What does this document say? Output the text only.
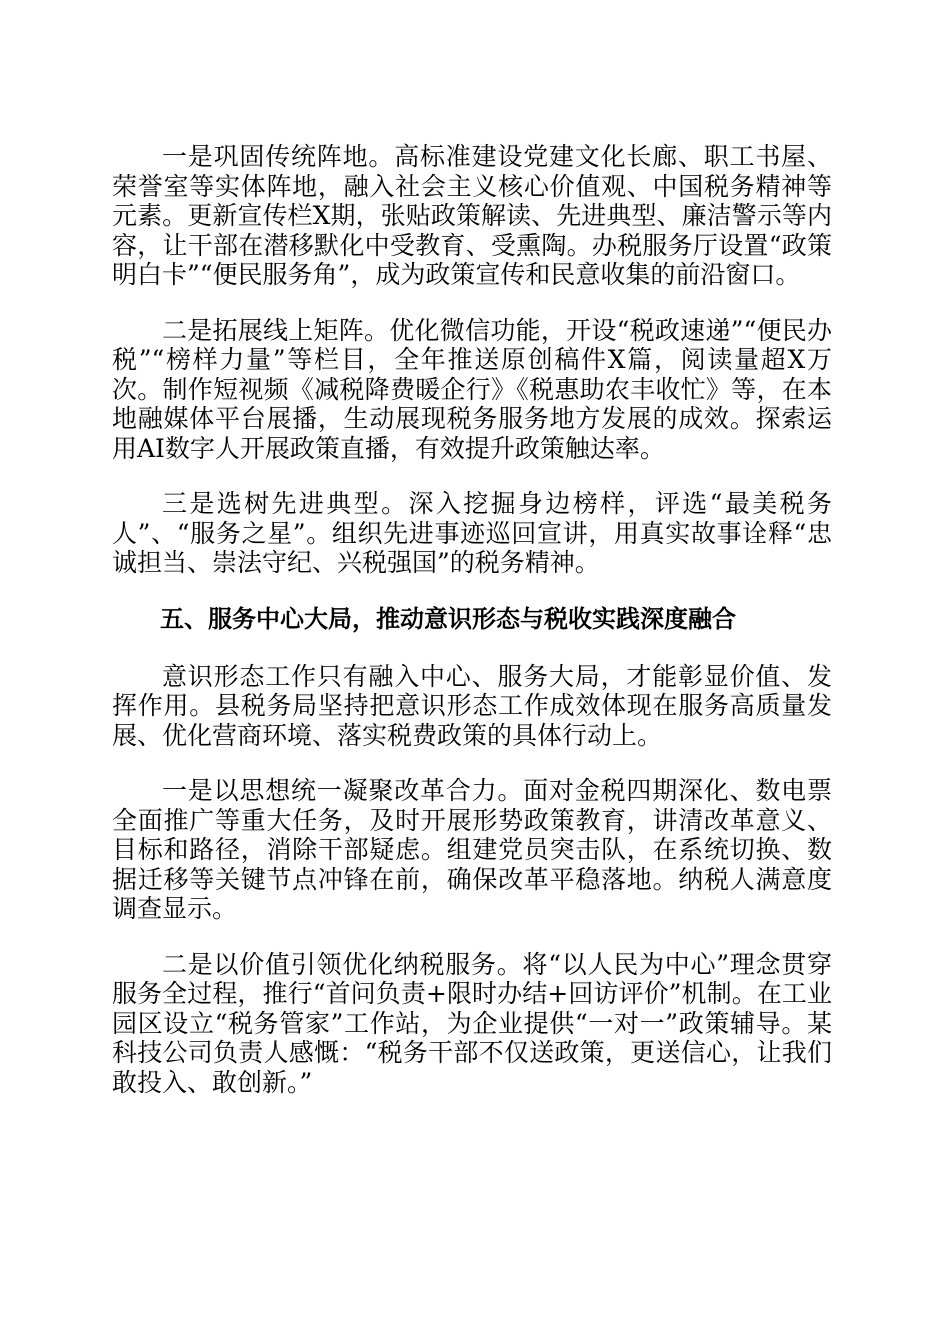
一是巩固传统阵地。高标准建设党建文化长廊、职工书屋、荣誉室等实体阵地，融入社会主义核心价值观、中国税务精神等元素。更新宣传栏X期，张贴政策解读、先进典型、廉洁警示等内容，让干部在潜移默化中受教育、受熏陶。办税服务厅设置“政策明白卡”“便民服务角”，成为政策宣传和民意收集的前沿窗口。

二是拓展线上矩阵。优化微信功能，开设“税政速递”“便民办税”“榜样力量”等栏目，全年推送原创稿件X篇，阅读量超X万次。制作短视频《减税降费暖企行》《税惠助农丰收忙》等，在本地融媒体平台展播，生动展现税务服务地方发展的成效。探索运用AI数字人开展政策直播，有效提升政策触达率。

三是选树先进典型。深入挖掘身边榜样，评选“最美税务人”、“服务之星”。组织先进事迹巡回宣讲，用真实故事诠释“忠诚担当、崇法守纪、兴税强国”的税务精神。

五、服务中心大局，推动意识形态与税收实践深度融合

意识形态工作只有融入中心、服务大局，才能彰显价值、发挥作用。县税务局坚持把意识形态工作成效体现在服务高质量发展、优化营商环境、落实税费政策的具体行动上。

一是以思想统一凝聚改革合力。面对金税四期深化、数电票全面推广等重大任务，及时开展形势政策教育，讲清改革意义、目标和路径，消除干部疑虑。组建党员突击队，在系统切换、数据迁移等关键节点冲锋在前，确保改革平稳落地。纳税人满意度调查显示。

二是以价值引领优化纳税服务。将“以人民为中心”理念贯穿服务全过程，推行“首问负责+限时办结+回访评价”机制。在工业园区设立“税务管家”工作站，为企业提供“一对一”政策辅导。某科技公司负责人感慨：“税务干部不仅送政策，更送信心，让我们敢投入、敢创新。”
